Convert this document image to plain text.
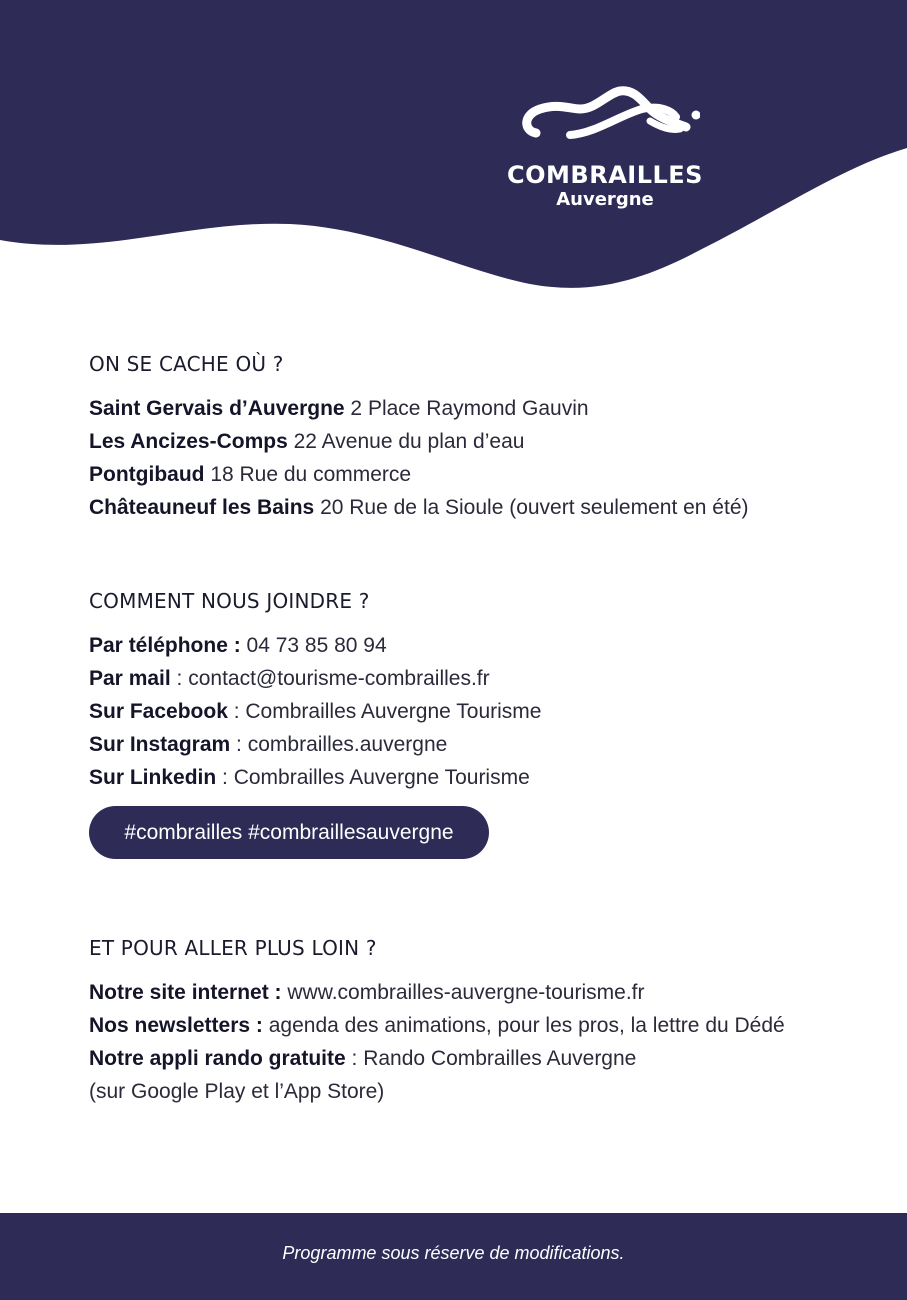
COMBRAILLES
Auvergne
ON SE CACHE OÙ ?
Saint Gervais d’Auvergne 2 Place Raymond Gauvin
Les Ancizes-Comps 22 Avenue du plan d’eau
Pontgibaud 18 Rue du commerce
Châteauneuf les Bains 20 Rue de la Sioule (ouvert seulement en été)
COMMENT NOUS JOINDRE ?
Par téléphone : 04 73 85 80 94
Par mail : contact@tourisme-combrailles.fr
Sur Facebook : Combrailles Auvergne Tourisme
Sur Instagram : combrailles.auvergne
Sur Linkedin : Combrailles Auvergne Tourisme
#combrailles #combraillesauvergne
ET POUR ALLER PLUS LOIN ?
Notre site internet : www.combrailles-auvergne-tourisme.fr
Nos newsletters : agenda des animations, pour les pros, la lettre du Dédé
Notre appli rando gratuite : Rando Combrailles Auvergne
(sur Google Play et l’App Store)
Programme sous réserve de modifications.
